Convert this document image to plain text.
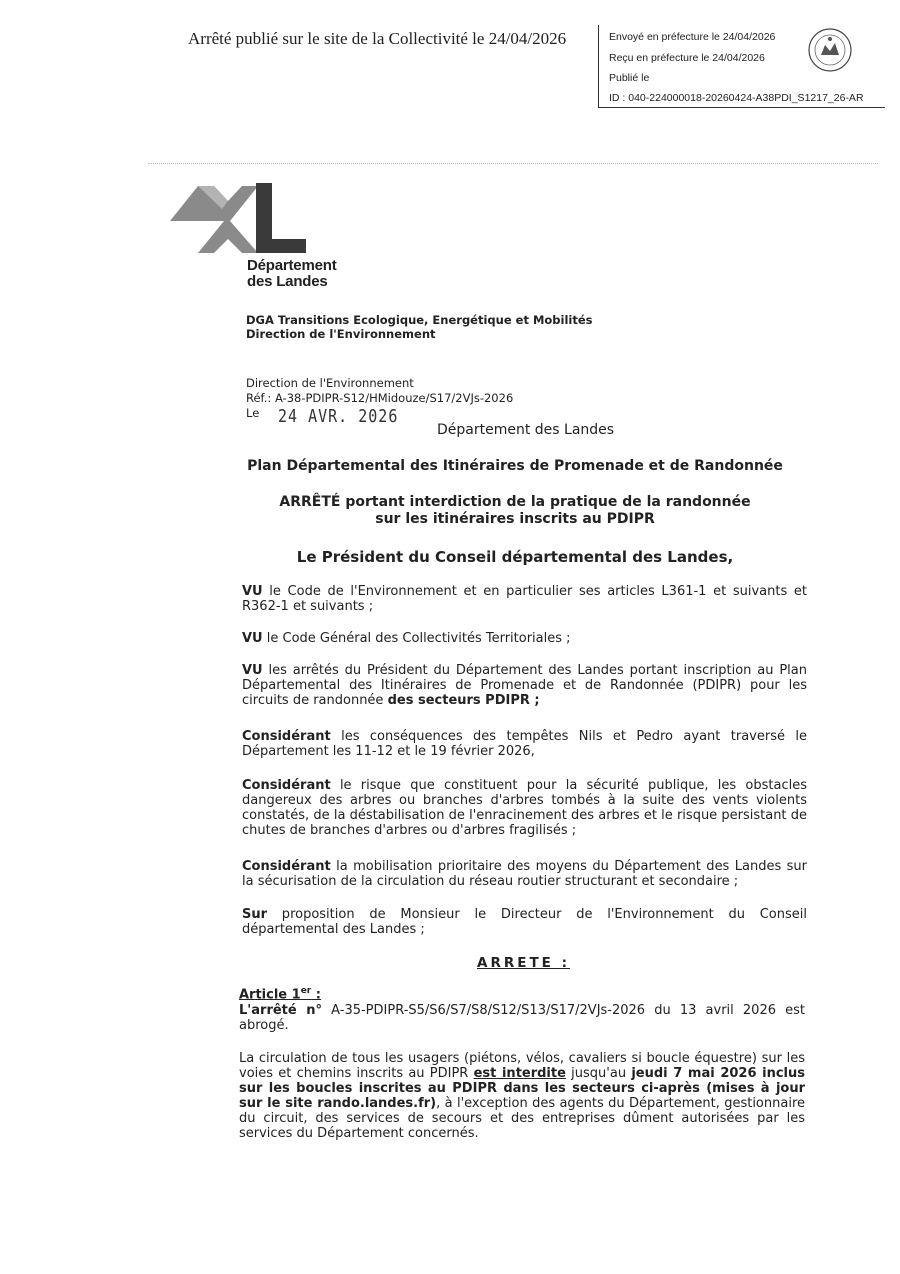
Arrêté publié sur le site de la Collectivité le 24/04/2026	Envoyé en préfecture le 24/04/2026
Reçu en préfecture le 24/04/2026
Publié le
ID : 040-224000018-20260424-A38PDI_S1217_26-AR
Département
des Landes
DGA Transitions Ecologique, Energétique et Mobilités
Direction de l'Environnement
Direction de l'Environnement
Réf.: A-38-PDIPR-S12/HMidouze/S17/2VJs-2026
Le 24 AVR. 2026
Département des Landes
Plan Départemental des Itinéraires de Promenade et de Randonnée
ARRÊTÉ portant interdiction de la pratique de la randonnée
sur les itinéraires inscrits au PDIPR
Le Président du Conseil départemental des Landes,
VU le Code de l'Environnement et en particulier ses articles L361-1 et suivants et R362-1 et suivants ;
VU le Code Général des Collectivités Territoriales ;
VU les arrêtés du Président du Département des Landes portant inscription au Plan Départemental des Itinéraires de Promenade et de Randonnée (PDIPR) pour les circuits de randonnée des secteurs PDIPR ;
Considérant les conséquences des tempêtes Nils et Pedro ayant traversé le Département les 11-12 et le 19 février 2026,
Considérant le risque que constituent pour la sécurité publique, les obstacles dangereux des arbres ou branches d'arbres tombés à la suite des vents violents constatés, de la déstabilisation de l'enracinement des arbres et le risque persistant de chutes de branches d'arbres ou d'arbres fragilisés ;
Considérant la mobilisation prioritaire des moyens du Département des Landes sur la sécurisation de la circulation du réseau routier structurant et secondaire ;
Sur proposition de Monsieur le Directeur de l'Environnement du Conseil départemental des Landes ;
ARRETE :
Article 1er :
L'arrêté n° A-35-PDIPR-S5/S6/S7/S8/S12/S13/S17/2VJs-2026 du 13 avril 2026 est abrogé.
La circulation de tous les usagers (piétons, vélos, cavaliers si boucle équestre) sur les voies et chemins inscrits au PDIPR est interdite jusqu'au jeudi 7 mai 2026 inclus sur les boucles inscrites au PDIPR dans les secteurs ci-après (mises à jour sur le site rando.landes.fr), à l'exception des agents du Département, gestionnaire du circuit, des services de secours et des entreprises dûment autorisées par les services du Département concernés.
